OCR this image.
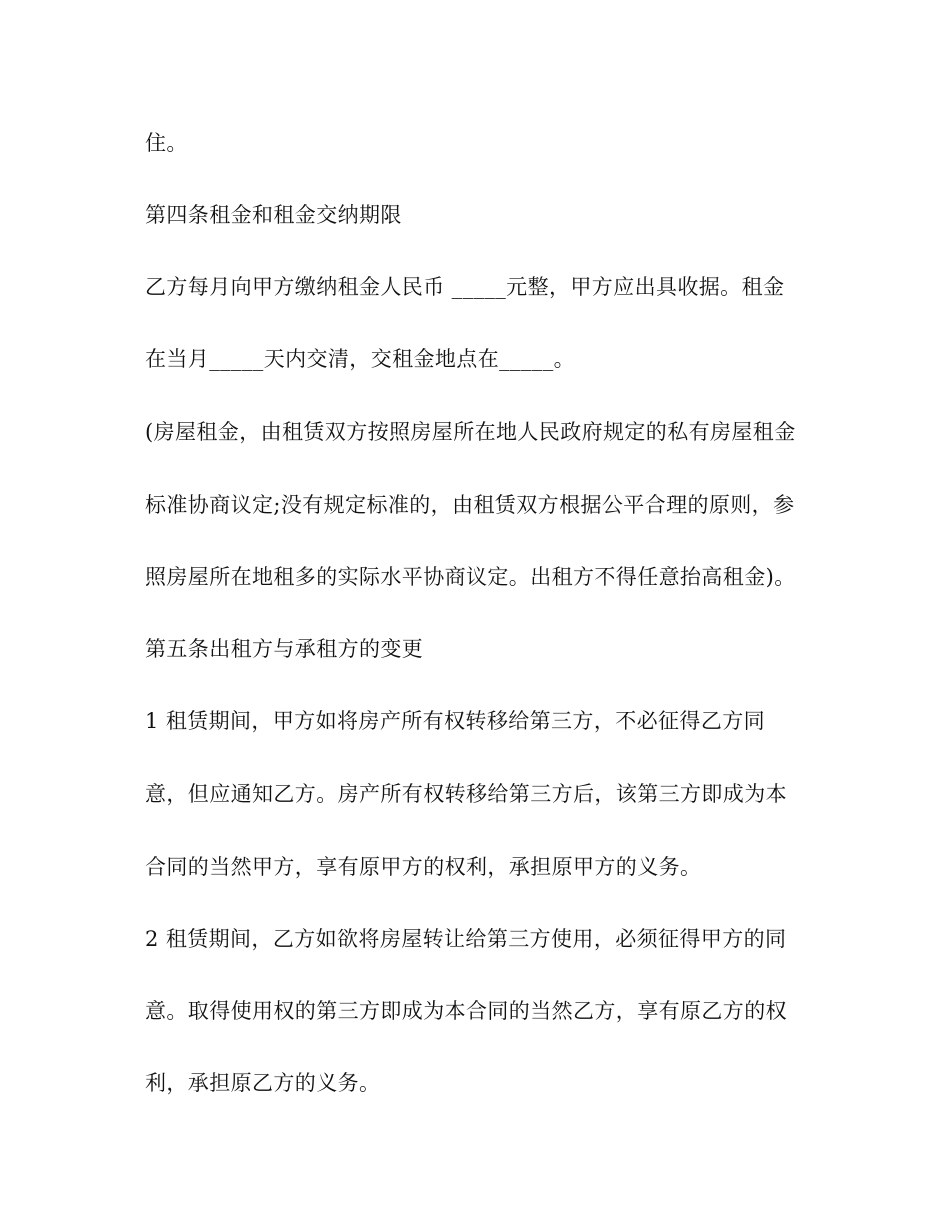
住。
第四条租金和租金交纳期限
乙方每月向甲方缴纳租金人民币 _____元整，甲方应出具收据。租金
在当月_____天内交清，交租金地点在_____。
(房屋租金，由租赁双方按照房屋所在地人民政府规定的私有房屋租金
标准协商议定;没有规定标准的，由租赁双方根据公平合理的原则，参
照房屋所在地租多的实际水平协商议定。出租方不得任意抬高租金)。
第五条出租方与承租方的变更
1 租赁期间，甲方如将房产所有权转移给第三方，不必征得乙方同
意，但应通知乙方。房产所有权转移给第三方后，该第三方即成为本
合同的当然甲方，享有原甲方的权利，承担原甲方的义务。
2 租赁期间，乙方如欲将房屋转让给第三方使用，必须征得甲方的同
意。取得使用权的第三方即成为本合同的当然乙方，享有原乙方的权
利，承担原乙方的义务。
